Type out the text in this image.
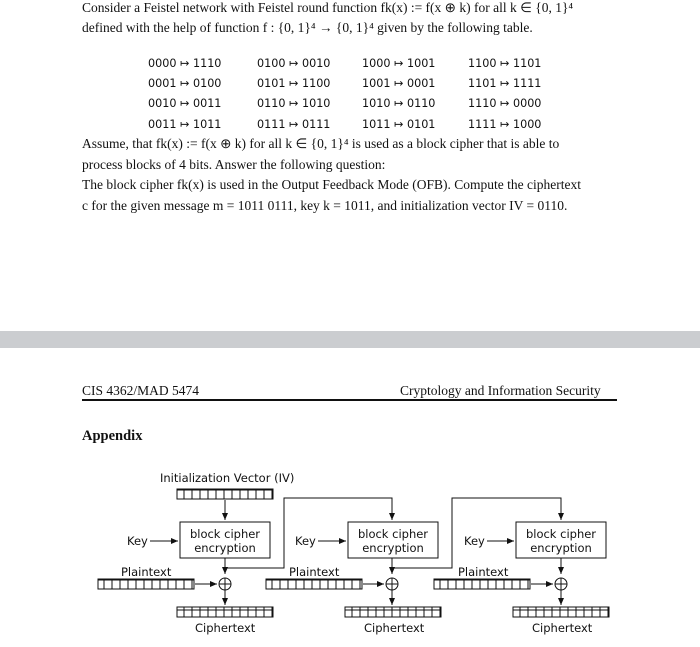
Consider a Feistel network with Feistel round function fk(x) := f(x ⊕ k) for all k ∈ {0, 1}⁴
defined with the help of function f : {0, 1}⁴ → {0, 1}⁴ given by the following table.
0000 ↦ 1110	0100 ↦ 0010	1000 ↦ 1001	1100 ↦ 1101
0001 ↦ 0100	0101 ↦ 1100	1001 ↦ 0001	1101 ↦ 1111
0010 ↦ 0011	0110 ↦ 1010	1010 ↦ 0110	1110 ↦ 0000
0011 ↦ 1011	0111 ↦ 0111	1011 ↦ 0101	1111 ↦ 1000
Assume, that fk(x) := f(x ⊕ k) for all k ∈ {0, 1}⁴ is used as a block cipher that is able to
process blocks of 4 bits. Answer the following question:
The block cipher fk(x) is used in the Output Feedback Mode (OFB). Compute the ciphertext
c for the given message m = 1011 0111, key k = 1011, and initialization vector IV = 0110.
CIS 4362/MAD 5474	Cryptology and Information Security
Appendix
Initialization Vector (IV)
Key	block cipher
encryption
Plaintext
Ciphertext
Key	block cipher
encryption
Plaintext
Ciphertext
Key	block cipher
encryption
Plaintext
Ciphertext
